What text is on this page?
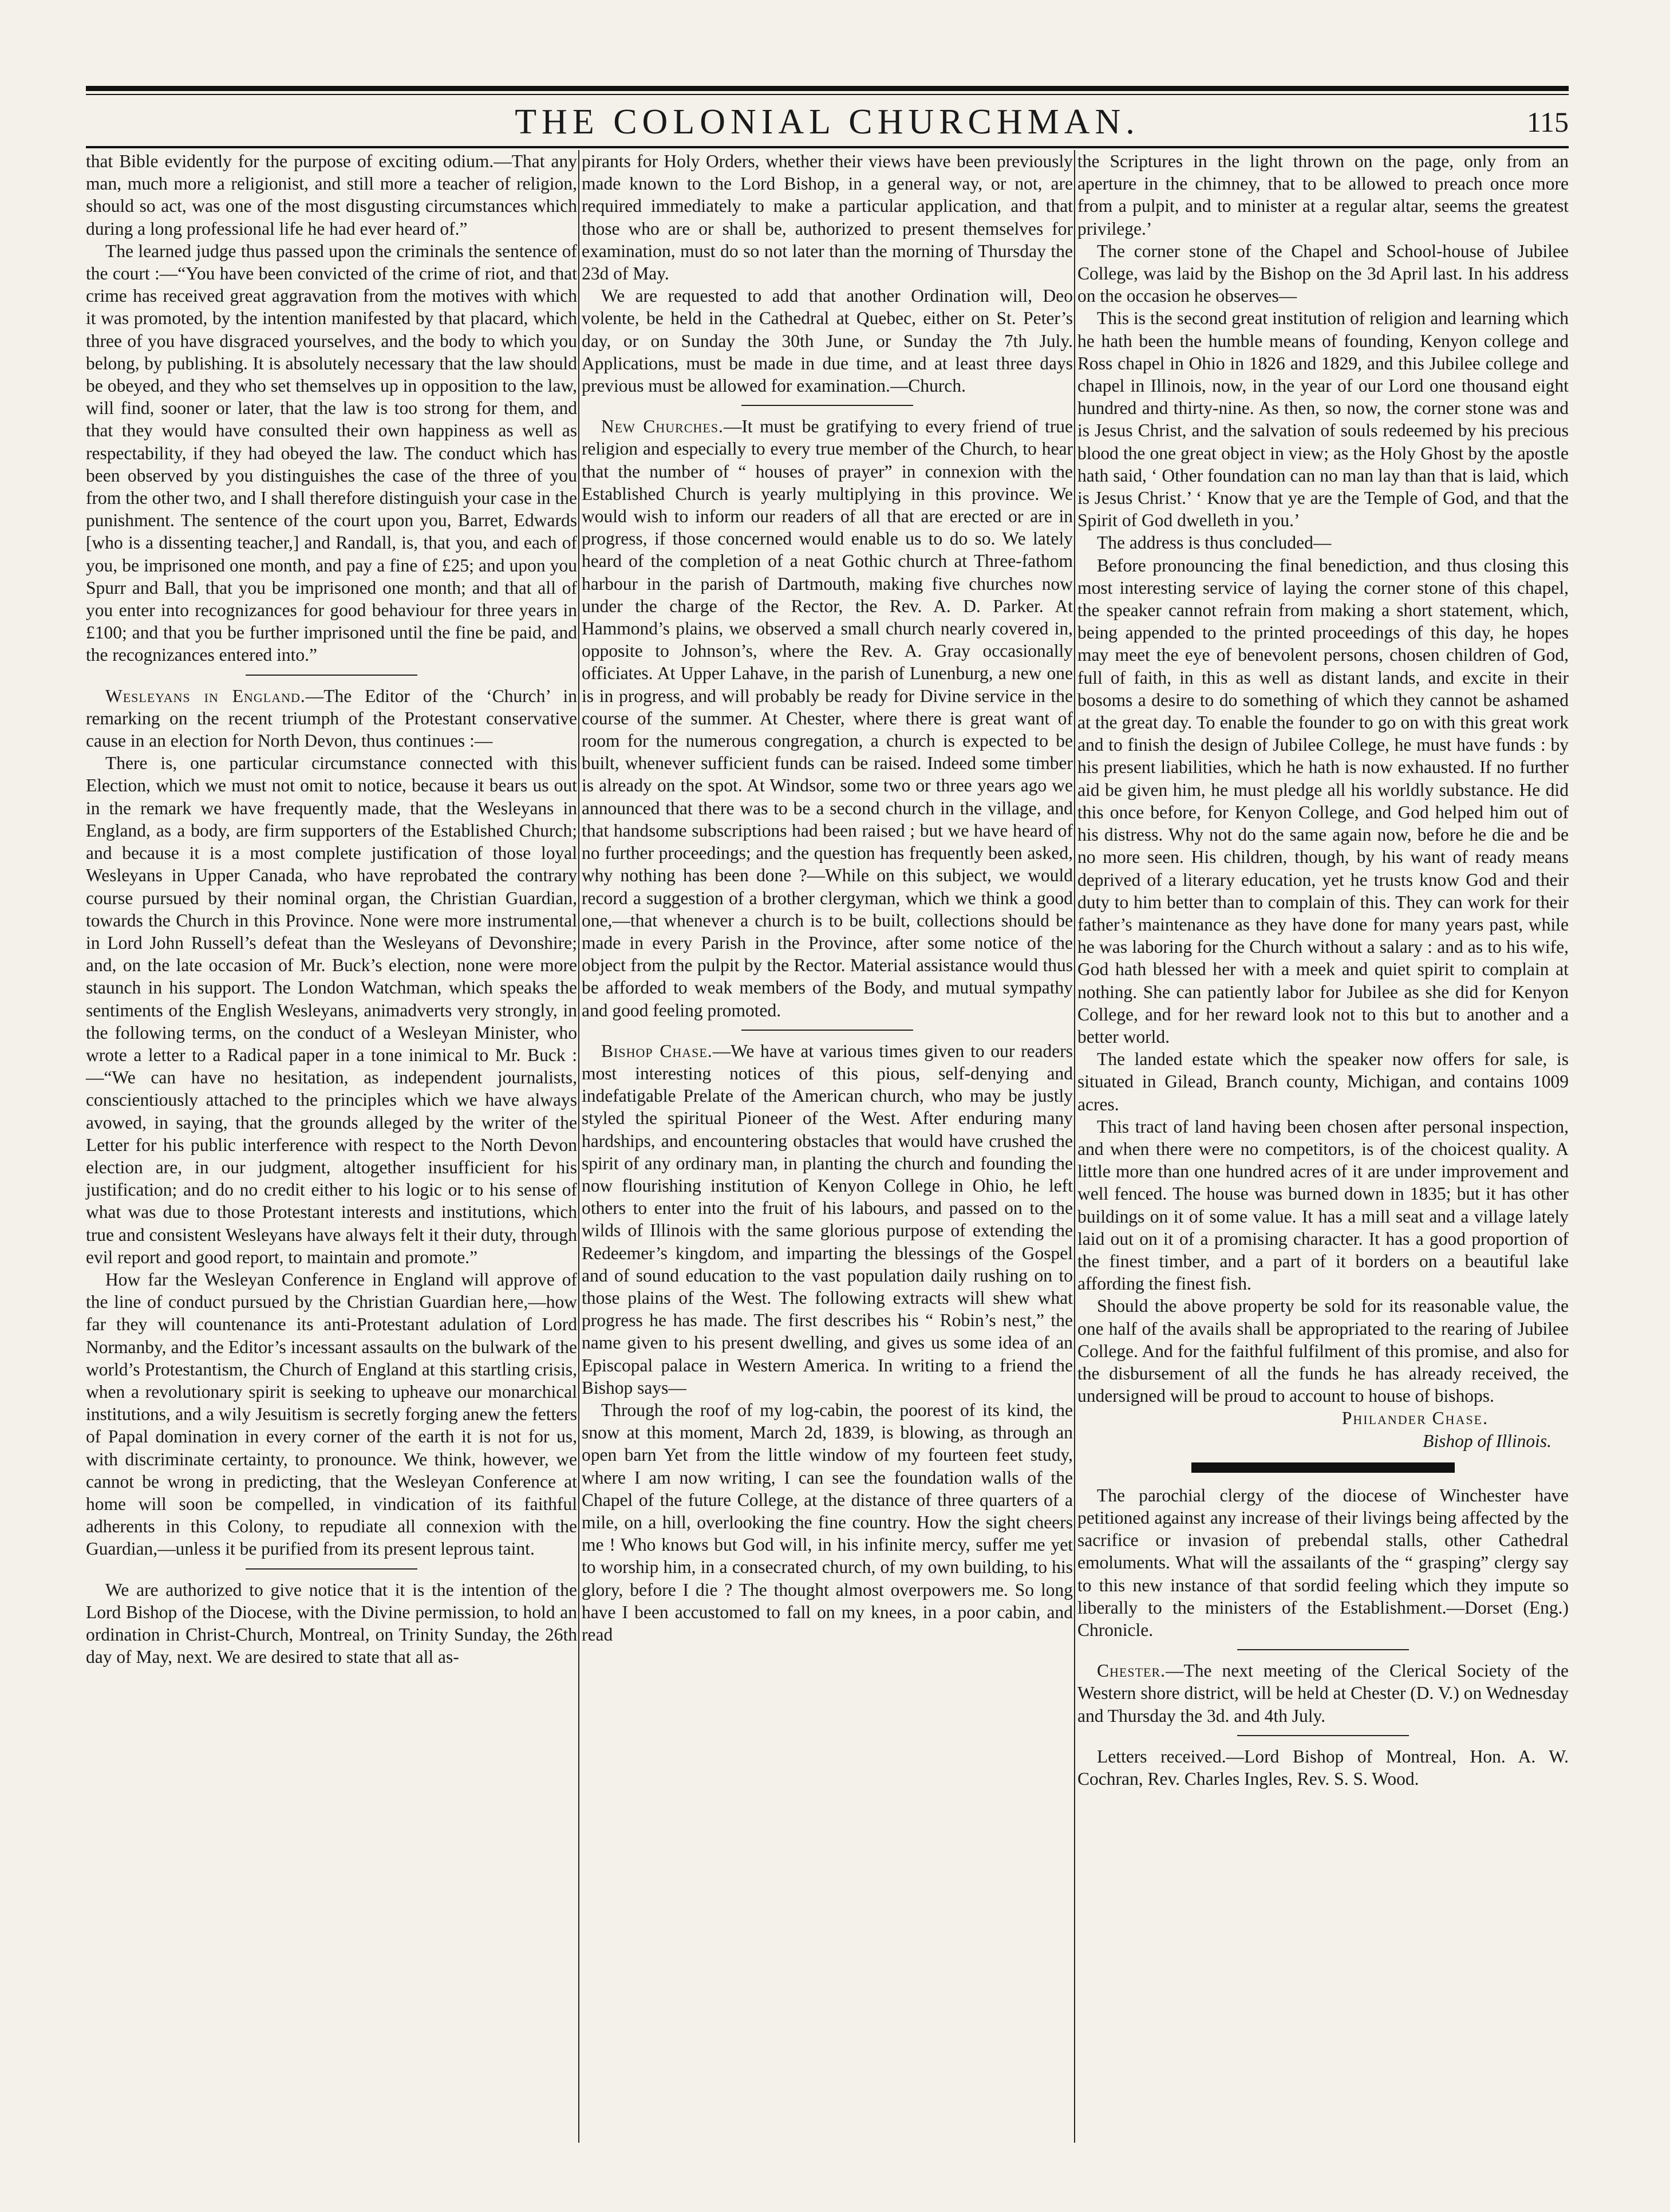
THE COLONIAL CHURCHMAN.	115

that Bible evidently for the purpose of exciting odium.—That any man, much more a religionist, and still more a teacher of religion, should so act, was one of the most disgusting circumstances which during a long professional life he had ever heard of.”

The learned judge thus passed upon the criminals the sentence of the court :—“You have been convicted of the crime of riot, and that crime has received great aggravation from the motives with which it was promoted, by the intention manifested by that placard, which three of you have disgraced yourselves, and the body to which you belong, by publishing. It is absolutely necessary that the law should be obeyed, and they who set themselves up in opposition to the law, will find, sooner or later, that the law is too strong for them, and that they would have consulted their own happiness as well as respectability, if they had obeyed the law. The conduct which has been observed by you distinguishes the case of the three of you from the other two, and I shall therefore distinguish your case in the punishment. The sentence of the court upon you, Barret, Edwards [who is a dissenting teacher,] and Randall, is, that you, and each of you, be imprisoned one month, and pay a fine of £25; and upon you Spurr and Ball, that you be imprisoned one month; and that all of you enter into recognizances for good behaviour for three years in £100; and that you be further imprisoned until the fine be paid, and the recognizances entered into.”

Wesleyans in England.—The Editor of the ‘Church’ in remarking on the recent triumph of the Protestant conservative cause in an election for North Devon, thus continues :—

There is, one particular circumstance connected with this Election, which we must not omit to notice, because it bears us out in the remark we have frequently made, that the Wesleyans in England, as a body, are firm supporters of the Established Church; and because it is a most complete justification of those loyal Wesleyans in Upper Canada, who have reprobated the contrary course pursued by their nominal organ, the Christian Guardian, towards the Church in this Province. None were more instrumental in Lord John Russell’s defeat than the Wesleyans of Devonshire; and, on the late occasion of Mr. Buck’s election, none were more staunch in his support. The London Watchman, which speaks the sentiments of the English Wesleyans, animadverts very strongly, in the following terms, on the conduct of a Wesleyan Minister, who wrote a letter to a Radical paper in a tone inimical to Mr. Buck :—“We can have no hesitation, as independent journalists, conscientiously attached to the principles which we have always avowed, in saying, that the grounds alleged by the writer of the Letter for his public interference with respect to the North Devon election are, in our judgment, altogether insufficient for his justification; and do no credit either to his logic or to his sense of what was due to those Protestant interests and institutions, which true and consistent Wesleyans have always felt it their duty, through evil report and good report, to maintain and promote.”

How far the Wesleyan Conference in England will approve of the line of conduct pursued by the Christian Guardian here,—how far they will countenance its anti-Protestant adulation of Lord Normanby, and the Editor’s incessant assaults on the bulwark of the world’s Protestantism, the Church of England at this startling crisis, when a revolutionary spirit is seeking to upheave our monarchical institutions, and a wily Jesuitism is secretly forging anew the fetters of Papal domination in every corner of the earth it is not for us, with discriminate certainty, to pronounce. We think, however, we cannot be wrong in predicting, that the Wesleyan Conference at home will soon be compelled, in vindication of its faithful adherents in this Colony, to repudiate all connexion with the Guardian,—unless it be purified from its present leprous taint.

We are authorized to give notice that it is the intention of the Lord Bishop of the Diocese, with the Divine permission, to hold an ordination in Christ-Church, Montreal, on Trinity Sunday, the 26th day of May, next. We are desired to state that all as-

pirants for Holy Orders, whether their views have been previously made known to the Lord Bishop, in a general way, or not, are required immediately to make a particular application, and that those who are or shall be, authorized to present themselves for examination, must do so not later than the morning of Thursday the 23d of May.

We are requested to add that another Ordination will, Deo volente, be held in the Cathedral at Quebec, either on St. Peter’s day, or on Sunday the 30th June, or Sunday the 7th July. Applications, must be made in due time, and at least three days previous must be allowed for examination.—Church.

New Churches.—It must be gratifying to every friend of true religion and especially to every true member of the Church, to hear that the number of “ houses of prayer” in connexion with the Established Church is yearly multiplying in this province. We would wish to inform our readers of all that are erected or are in progress, if those concerned would enable us to do so. We lately heard of the completion of a neat Gothic church at Three-fathom harbour in the parish of Dartmouth, making five churches now under the charge of the Rector, the Rev. A. D. Parker. At Hammond’s plains, we observed a small church nearly covered in, opposite to Johnson’s, where the Rev. A. Gray occasionally officiates. At Upper Lahave, in the parish of Lunenburg, a new one is in progress, and will probably be ready for Divine service in the course of the summer. At Chester, where there is great want of room for the numerous congregation, a church is expected to be built, whenever sufficient funds can be raised. Indeed some timber is already on the spot. At Windsor, some two or three years ago we announced that there was to be a second church in the village, and that handsome subscriptions had been raised ; but we have heard of no further proceedings; and the question has frequently been asked, why nothing has been done ?—While on this subject, we would record a suggestion of a brother clergyman, which we think a good one,—that whenever a church is to be built, collections should be made in every Parish in the Province, after some notice of the object from the pulpit by the Rector. Material assistance would thus be afforded to weak members of the Body, and mutual sympathy and good feeling promoted.

Bishop Chase.—We have at various times given to our readers most interesting notices of this pious, self-denying and indefatigable Prelate of the American church, who may be justly styled the spiritual Pioneer of the West. After enduring many hardships, and encountering obstacles that would have crushed the spirit of any ordinary man, in planting the church and founding the now flourishing institution of Kenyon College in Ohio, he left others to enter into the fruit of his labours, and passed on to the wilds of Illinois with the same glorious purpose of extending the Redeemer’s kingdom, and imparting the blessings of the Gospel and of sound education to the vast population daily rushing on to those plains of the West. The following extracts will shew what progress he has made. The first describes his “ Robin’s nest,” the name given to his present dwelling, and gives us some idea of an Episcopal palace in Western America. In writing to a friend the Bishop says—

Through the roof of my log-cabin, the poorest of its kind, the snow at this moment, March 2d, 1839, is blowing, as through an open barn Yet from the little window of my fourteen feet study, where I am now writing, I can see the foundation walls of the Chapel of the future College, at the distance of three quarters of a mile, on a hill, overlooking the fine country. How the sight cheers me ! Who knows but God will, in his infinite mercy, suffer me yet to worship him, in a consecrated church, of my own building, to his glory, before I die ? The thought almost overpowers me. So long have I been accustomed to fall on my knees, in a poor cabin, and read

the Scriptures in the light thrown on the page, only from an aperture in the chimney, that to be allowed to preach once more from a pulpit, and to minister at a regular altar, seems the greatest privilege.’

The corner stone of the Chapel and School-house of Jubilee College, was laid by the Bishop on the 3d April last. In his address on the occasion he observes—

This is the second great institution of religion and learning which he hath been the humble means of founding, Kenyon college and Ross chapel in Ohio in 1826 and 1829, and this Jubilee college and chapel in Illinois, now, in the year of our Lord one thousand eight hundred and thirty-nine. As then, so now, the corner stone was and is Jesus Christ, and the salvation of souls redeemed by his precious blood the one great object in view; as the Holy Ghost by the apostle hath said, ‘ Other foundation can no man lay than that is laid, which is Jesus Christ.’ ‘ Know that ye are the Temple of God, and that the Spirit of God dwelleth in you.’

The address is thus concluded—

Before pronouncing the final benediction, and thus closing this most interesting service of laying the corner stone of this chapel, the speaker cannot refrain from making a short statement, which, being appended to the printed proceedings of this day, he hopes may meet the eye of benevolent persons, chosen children of God, full of faith, in this as well as distant lands, and excite in their bosoms a desire to do something of which they cannot be ashamed at the great day. To enable the founder to go on with this great work and to finish the design of Jubilee College, he must have funds : by his present liabilities, which he hath is now exhausted. If no further aid be given him, he must pledge all his worldly substance. He did this once before, for Kenyon College, and God helped him out of his distress. Why not do the same again now, before he die and be no more seen. His children, though, by his want of ready means deprived of a literary education, yet he trusts know God and their duty to him better than to complain of this. They can work for their father’s maintenance as they have done for many years past, while he was laboring for the Church without a salary : and as to his wife, God hath blessed her with a meek and quiet spirit to complain at nothing. She can patiently labor for Jubilee as she did for Kenyon College, and for her reward look not to this but to another and a better world.

The landed estate which the speaker now offers for sale, is situated in Gilead, Branch county, Michigan, and contains 1009 acres.

This tract of land having been chosen after personal inspection, and when there were no competitors, is of the choicest quality. A little more than one hundred acres of it are under improvement and well fenced. The house was burned down in 1835; but it has other buildings on it of some value. It has a mill seat and a village lately laid out on it of a promising character. It has a good proportion of the finest timber, and a part of it borders on a beautiful lake affording the finest fish.

Should the above property be sold for its reasonable value, the one half of the avails shall be appropriated to the rearing of Jubilee College. And for the faithful fulfilment of this promise, and also for the disbursement of all the funds he has already received, the undersigned will be proud to account to house of bishops.

Philander Chase.
Bishop of Illinois.

The parochial clergy of the diocese of Winchester have petitioned against any increase of their livings being affected by the sacrifice or invasion of prebendal stalls, other Cathedral emoluments. What will the assailants of the “ grasping” clergy say to this new instance of that sordid feeling which they impute so liberally to the ministers of the Establishment.—Dorset (Eng.) Chronicle.

Chester.—The next meeting of the Clerical Society of the Western shore district, will be held at Chester (D. V.) on Wednesday and Thursday the 3d. and 4th July.

Letters received.—Lord Bishop of Montreal, Hon. A. W. Cochran, Rev. Charles Ingles, Rev. S. S. Wood.
